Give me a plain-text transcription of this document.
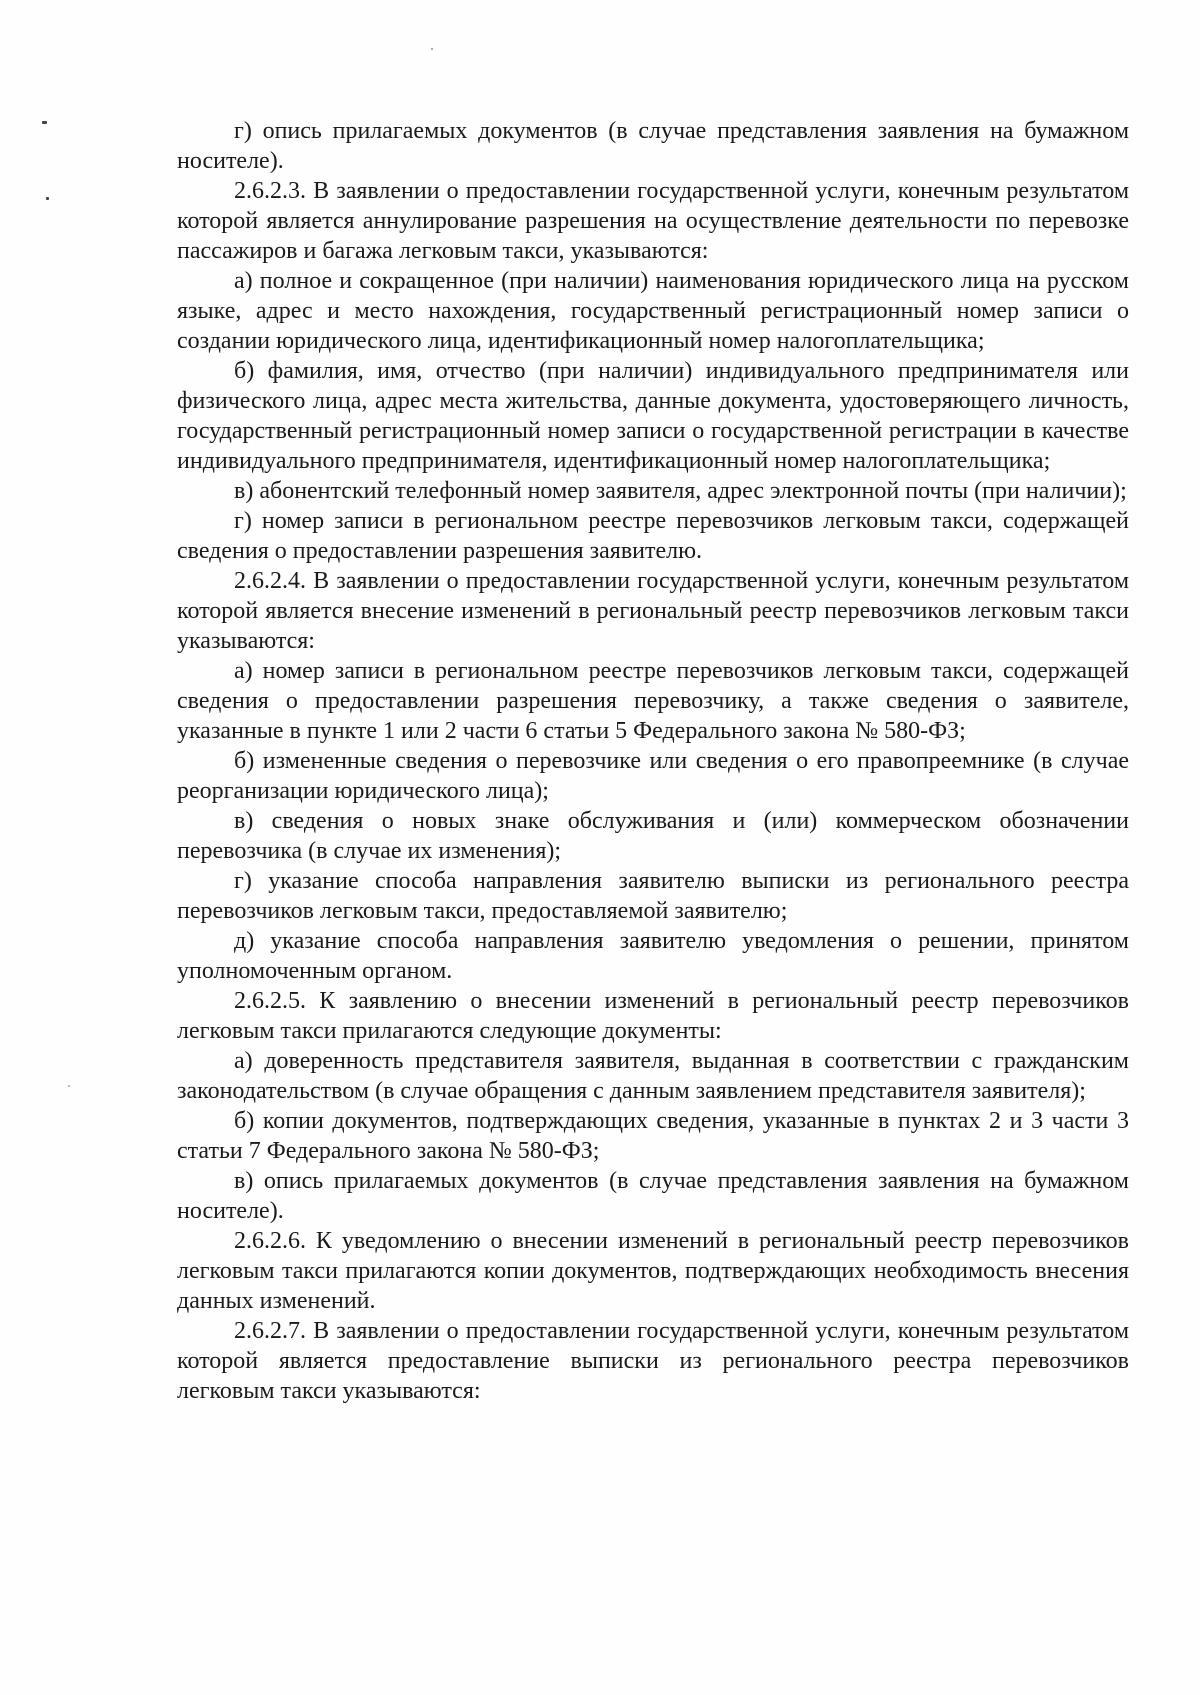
г) опись прилагаемых документов (в случае представления заявления на бумажном носителе).

2.6.2.3. В заявлении о предоставлении государственной услуги, конечным результатом которой является аннулирование разрешения на осуществление деятельности по перевозке пассажиров и багажа легковым такси, указываются:

а) полное и сокращенное (при наличии) наименования юридического лица на русском языке, адрес и место нахождения, государственный регистрационный номер записи о создании юридического лица, идентификационный номер налогоплательщика;

б) фамилия, имя, отчество (при наличии) индивидуального предпринимателя или физического лица, адрес места жительства, данные документа, удостоверяющего личность, государственный регистрационный номер записи о государственной регистрации в качестве индивидуального предпринимателя, идентификационный номер налогоплательщика;

в) абонентский телефонный номер заявителя, адрес электронной почты (при наличии);

г) номер записи в региональном реестре перевозчиков легковым такси, содержащей сведения о предоставлении разрешения заявителю.

2.6.2.4. В заявлении о предоставлении государственной услуги, конечным результатом которой является внесение изменений в региональный реестр перевозчиков легковым такси указываются:

а) номер записи в региональном реестре перевозчиков легковым такси, содержащей сведения о предоставлении разрешения перевозчику, а также сведения о заявителе, указанные в пункте 1 или 2 части 6 статьи 5 Федерального закона № 580-ФЗ;

б) измененные сведения о перевозчике или сведения о его правопреемнике (в случае реорганизации юридического лица);

в) сведения о новых знаке обслуживания и (или) коммерческом обозначении перевозчика (в случае их изменения);

г) указание способа направления заявителю выписки из регионального реестра перевозчиков легковым такси, предоставляемой заявителю;

д) указание способа направления заявителю уведомления о решении, принятом уполномоченным органом.

2.6.2.5. К заявлению о внесении изменений в региональный реестр перевозчиков легковым такси прилагаются следующие документы:

а) доверенность представителя заявителя, выданная в соответствии с гражданским законодательством (в случае обращения с данным заявлением представителя заявителя);

б) копии документов, подтверждающих сведения, указанные в пунктах 2 и 3 части 3 статьи 7 Федерального закона № 580-ФЗ;

в) опись прилагаемых документов (в случае представления заявления на бумажном носителе).

2.6.2.6. К уведомлению о внесении изменений в региональный реестр перевозчиков легковым такси прилагаются копии документов, подтверждающих необходимость внесения данных изменений.

2.6.2.7. В заявлении о предоставлении государственной услуги, конечным результатом которой является предоставление выписки из регионального реестра перевозчиков легковым такси указываются:
